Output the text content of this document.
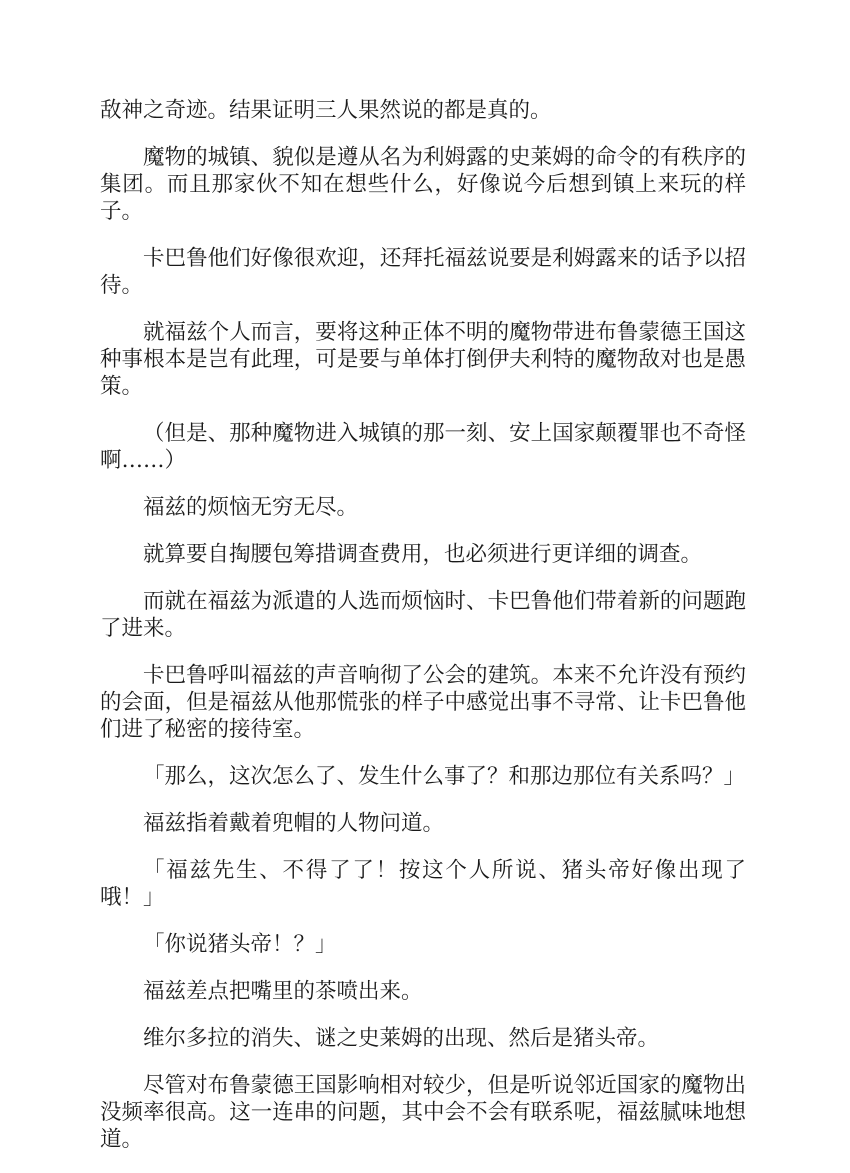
敌神之奇迹。结果证明三人果然说的都是真的。

魔物的城镇、貌似是遵从名为利姆露的史莱姆的命令的有秩序的集团。而且那家伙不知在想些什么，好像说今后想到镇上来玩的样子。

卡巴鲁他们好像很欢迎，还拜托福兹说要是利姆露来的话予以招待。

就福兹个人而言，要将这种正体不明的魔物带进布鲁蒙德王国这种事根本是岂有此理，可是要与单体打倒伊夫利特的魔物敌对也是愚策。

（但是、那种魔物进入城镇的那一刻、安上国家颠覆罪也不奇怪啊……）

福兹的烦恼无穷无尽。

就算要自掏腰包筹措调查费用，也必须进行更详细的调查。

而就在福兹为派遣的人选而烦恼时、卡巴鲁他们带着新的问题跑了进来。

卡巴鲁呼叫福兹的声音响彻了公会的建筑。本来不允许没有预约的会面，但是福兹从他那慌张的样子中感觉出事不寻常、让卡巴鲁他们进了秘密的接待室。

「那么，这次怎么了、发生什么事了？和那边那位有关系吗？」

福兹指着戴着兜帽的人物问道。

「福兹先生、不得了了！按这个人所说、猪头帝好像出现了哦！」

「你说猪头帝！？」

福兹差点把嘴里的茶喷出来。

维尔多拉的消失、谜之史莱姆的出现、然后是猪头帝。

尽管对布鲁蒙德王国影响相对较少，但是听说邻近国家的魔物出没频率很高。这一连串的问题，其中会不会有联系呢，福兹腻味地想道。
